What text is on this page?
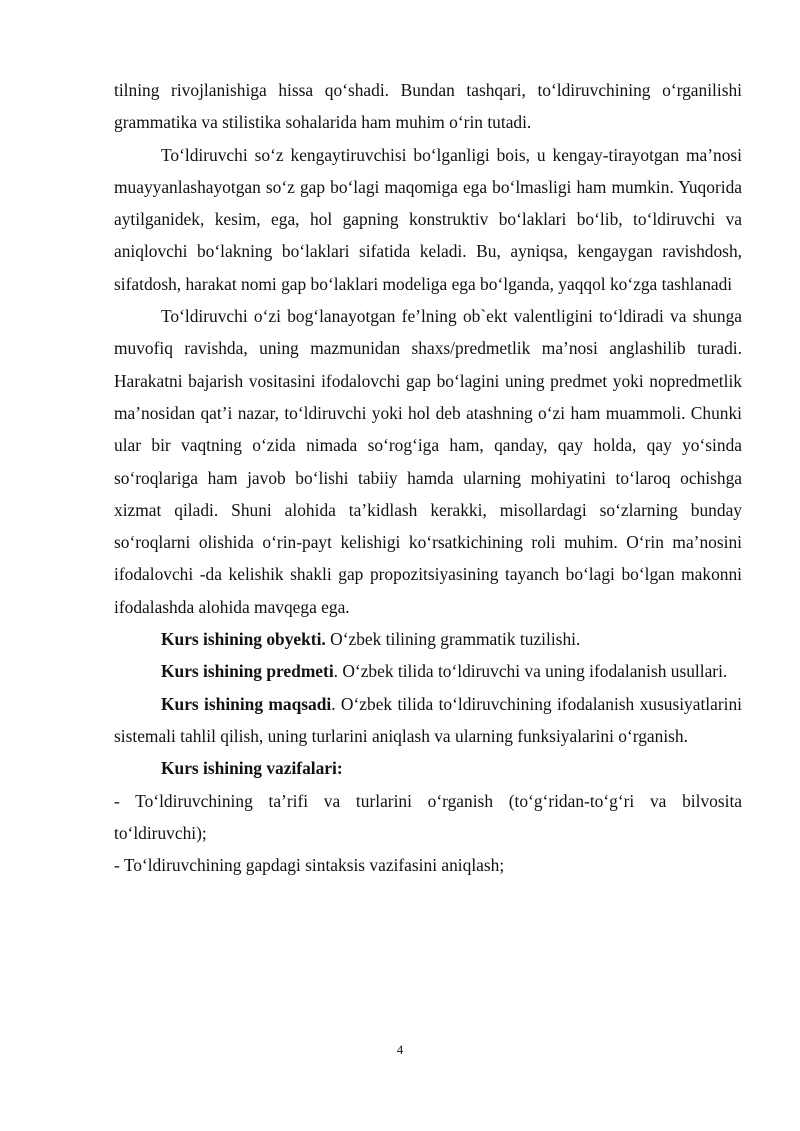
tilning rivojlanishiga hissa qo‘shadi. Bundan tashqari, to‘ldiruvchining o‘rganilishi grammatika va stilistika sohalarida ham muhim o‘rin tutadi.

To‘ldiruvchi so‘z kengaytiruvchisi bo‘lganligi bois, u kengay-tirayotgan ma’nosi muayyanlashayotgan so‘z gap bo‘lagi maqomiga ega bo‘lmasligi ham mumkin. Yuqorida aytilganidek, kesim, ega, hol gapning konstruktiv bo‘laklari bo‘lib, to‘ldiruvchi va aniqlovchi bo‘lakning bo‘laklari sifatida keladi. Bu, ayniqsa, kengaygan ravishdosh, sifatdosh, harakat nomi gap bo‘laklari modeliga ega bo‘lganda, yaqqol ko‘zga tashlanadi

To‘ldiruvchi o‘zi bog‘lanayotgan fe’lning ob`ekt valentligini to‘ldiradi va shunga muvofiq ravishda, uning mazmunidan shaxs/predmetlik ma’nosi anglashilib turadi. Harakatni bajarish vositasini ifodalovchi gap bo‘lagini uning predmet yoki nopredmetlik ma’nosidan qat’i nazar, to‘ldiruvchi yoki hol deb atashning o‘zi ham muammoli. Chunki ular bir vaqtning o‘zida nimada so‘rog‘iga ham, qanday, qay holda, qay yo‘sinda so‘roqlariga ham javob bo‘lishi tabiiy hamda ularning mohiyatini to‘laroq ochishga xizmat qiladi. Shuni alohida ta’kidlash kerakki, misollardagi so‘zlarning bunday so‘roqlarni olishida o‘rin-payt kelishigi ko‘rsatkichining roli muhim. O‘rin ma’nosini ifodalovchi -da kelishik shakli gap propozitsiyasining tayanch bo‘lagi bo‘lgan makonni ifodalashda alohida mavqega ega.

Kurs ishining obyekti. O‘zbek tilining grammatik tuzilishi.

Kurs ishining predmeti. O‘zbek tilida to‘ldiruvchi va uning ifodalanish usullari.

Kurs ishining maqsadi. O‘zbek tilida to‘ldiruvchining ifodalanish xususiyatlarini sistemali tahlil qilish, uning turlarini aniqlash va ularning funksiyalarini o‘rganish.

Kurs ishining vazifalari:

- To‘ldiruvchining ta’rifi va turlarini o‘rganish (to‘g‘ridan-to‘g‘ri va bilvosita to‘ldiruvchi);

- To‘ldiruvchining gapdagi sintaksis vazifasini aniqlash;

4
